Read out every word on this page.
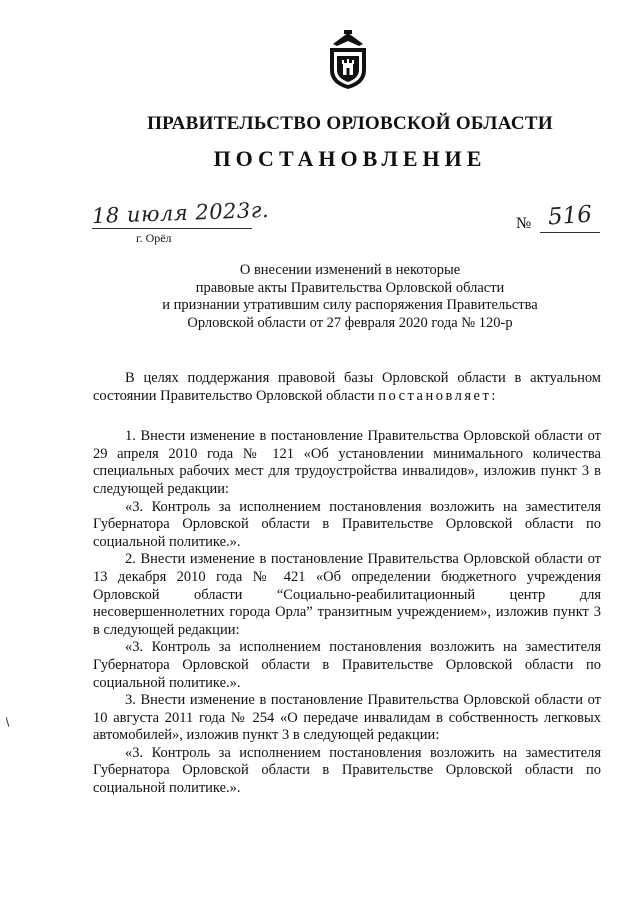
ПРАВИТЕЛЬСТВО ОРЛОВСКОЙ ОБЛАСТИ
ПОСТАНОВЛЕНИЕ
18 июля 2023г.
г. Орёл
№ 516
О внесении изменений в некоторые
правовые акты Правительства Орловской области
и признании утратившим силу распоряжения Правительства
Орловской области от 27 февраля 2020 года № 120-р

В целях поддержания правовой базы Орловской области в актуальном состоянии Правительство Орловской области постановляет:

1. Внести изменение в постановление Правительства Орловской области от 29 апреля 2010 года № 121 «Об установлении минимального количества специальных рабочих мест для трудоустройства инвалидов», изложив пункт 3 в следующей редакции:

«3. Контроль за исполнением постановления возложить на заместителя Губернатора Орловской области в Правительстве Орловской области по социальной политике.».

2. Внести изменение в постановление Правительства Орловской области от 13 декабря 2010 года № 421 «Об определении бюджетного учреждения Орловской области “Социально-реабилитационный центр для несовершеннолетних города Орла” транзитным учреждением», изложив пункт 3 в следующей редакции:

«3. Контроль за исполнением постановления возложить на заместителя Губернатора Орловской области в Правительстве Орловской области по социальной политике.».

3. Внести изменение в постановление Правительства Орловской области от 10 августа 2011 года № 254 «О передаче инвалидам в собственность легковых автомобилей», изложив пункт 3 в следующей редакции:

«3. Контроль за исполнением постановления возложить на заместителя Губернатора Орловской области в Правительстве Орловской области по социальной политике.».
